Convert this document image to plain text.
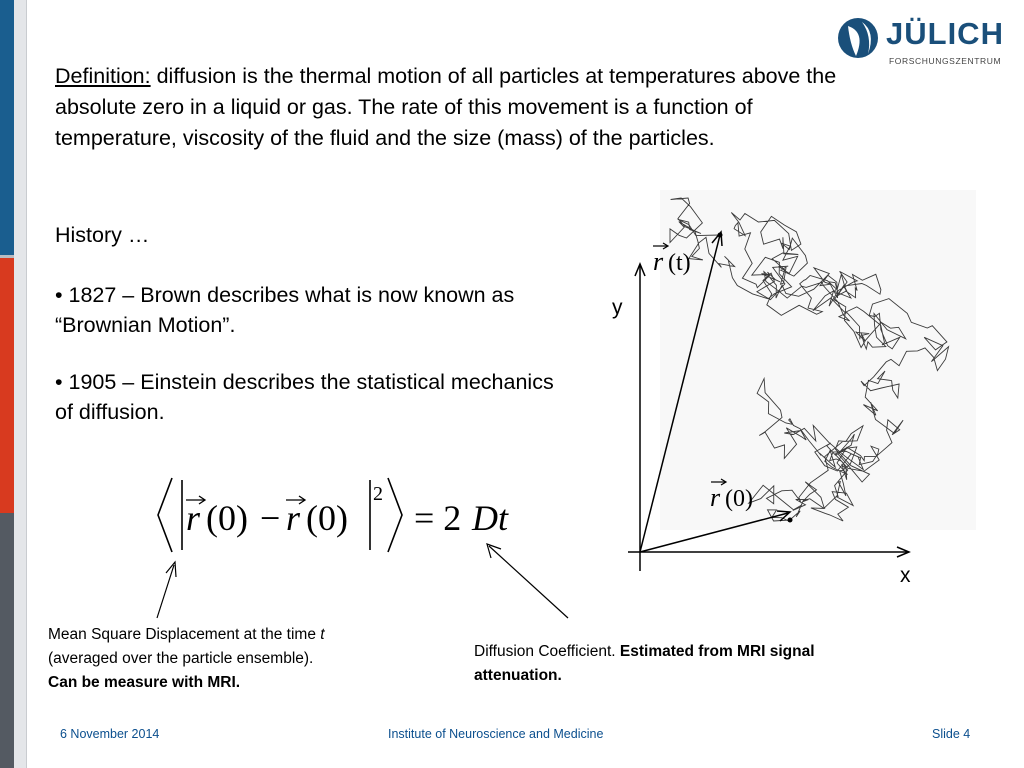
JÜLICH
FORSCHUNGSZENTRUM
Definition: diffusion is the thermal motion of all particles at temperatures above the absolute zero in a liquid or gas. The rate of this movement is a function of temperature, viscosity of the fluid and the size (mass) of the particles.
History …
• 1827 – Brown describes what is now known as “Brownian Motion”.
• 1905 – Einstein describes the statistical mechanics of diffusion.
r (0) − r (0)
2
= 2 Dt
Mean Square Displacement at the time t
(averaged over the particle ensemble).
Can be measure with MRI.
Diffusion Coefficient. Estimated from MRI signal attenuation.
r (t)
r (0)
y
x
6 November 2014	Institute of Neuroscience and Medicine	Slide 4
